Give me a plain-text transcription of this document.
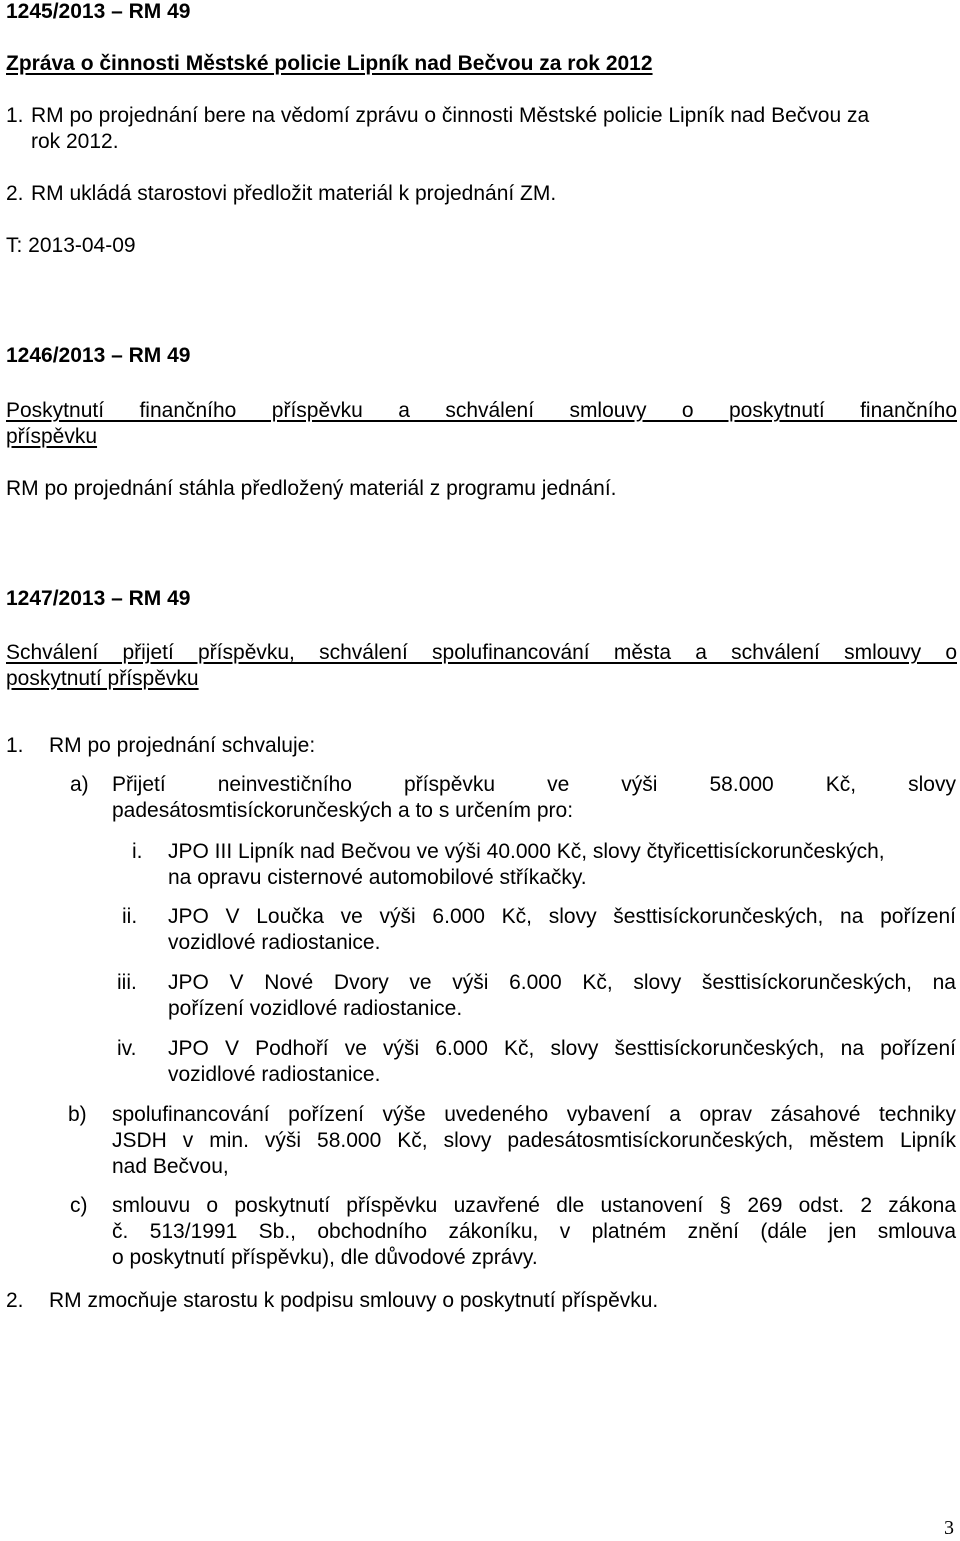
1245/2013 – RM 49
Zpráva o činnosti Městské policie Lipník nad Bečvou za rok 2012
1. RM po projednání bere na vědomí zprávu o činnosti Městské policie Lipník nad Bečvou za
rok 2012.
2. RM ukládá starostovi předložit materiál k projednání ZM.
T: 2013-04-09
1246/2013 – RM 49
Poskytnutí finančního příspěvku a schválení smlouvy o poskytnutí finančního
příspěvku
RM po projednání stáhla předložený materiál z programu jednání.
1247/2013 – RM 49
Schválení přijetí příspěvku, schválení spolufinancování města a schválení smlouvy o
poskytnutí příspěvku
1. RM po projednání schvaluje:
a) Přijetí neinvestičního příspěvku ve výši 58.000 Kč, slovy
padesátosmtisíckorunčeských a to s určením pro:
i. JPO III Lipník nad Bečvou ve výši 40.000 Kč, slovy čtyřicettisíckorunčeských,
na opravu cisternové automobilové stříkačky.
ii. JPO V Loučka ve výši 6.000 Kč, slovy šesttisíckorunčeských, na pořízení
vozidlové radiostanice.
iii. JPO V Nové Dvory ve výši 6.000 Kč, slovy šesttisíckorunčeských, na
pořízení vozidlové radiostanice.
iv. JPO V Podhoří ve výši 6.000 Kč, slovy šesttisíckorunčeských, na pořízení
vozidlové radiostanice.
b) spolufinancování pořízení výše uvedeného vybavení a oprav zásahové techniky
JSDH v min. výši 58.000 Kč, slovy padesátosmtisíckorunčeských, městem Lipník
nad Bečvou,
c) smlouvu o poskytnutí příspěvku uzavřené dle ustanovení § 269 odst. 2 zákona
č. 513/1991 Sb., obchodního zákoníku, v platném znění (dále jen smlouva
o poskytnutí příspěvku), dle důvodové zprávy.
2. RM zmocňuje starostu k podpisu smlouvy o poskytnutí příspěvku.
3
